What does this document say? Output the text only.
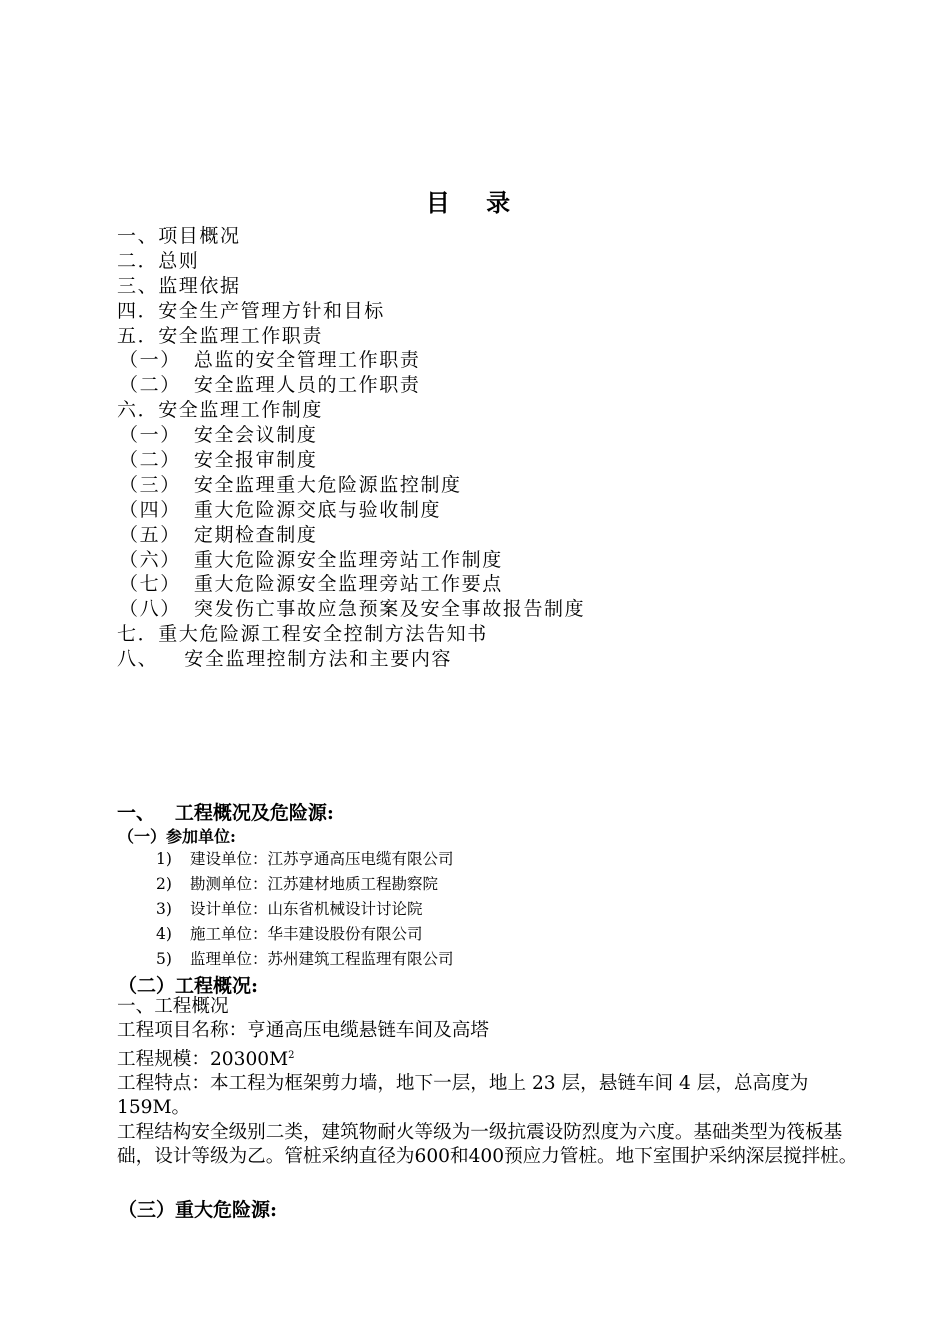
目 录
一、项目概况
二．总则
三、监理依据
四．安全生产管理方针和目标
五．安全监理工作职责
（一） 总监的安全管理工作职责
（二） 安全监理人员的工作职责
六．安全监理工作制度
（一） 安全会议制度
（二） 安全报审制度
（三） 安全监理重大危险源监控制度
（四） 重大危险源交底与验收制度
（五） 定期检查制度
（六） 重大危险源安全监理旁站工作制度
（七） 重大危险源安全监理旁站工作要点
（八） 突发伤亡事故应急预案及安全事故报告制度
七．重大危险源工程安全控制方法告知书
八、  安全监理控制方法和主要内容
一、   工程概况及危险源:
（一）参加单位:
1) 建设单位：江苏亨通高压电缆有限公司
2) 勘测单位：江苏建材地质工程勘察院
3) 设计单位：山东省机械设计讨论院
4) 施工单位：华丰建设股份有限公司
5) 监理单位：苏州建筑工程监理有限公司
（二）工程概况:

一、工程概况

工程项目名称：亨通高压电缆悬链车间及高塔

工程规模：$20300M^2$

工程特点：本工程为框架剪力墙，地下一层，地上 23 层，悬链车间 4 层，总高度为 159M。

工程结构安全级别二类，建筑物耐火等级为一级抗震设防烈度为六度。基础类型为筏板基础，设计等级为乙。管桩采纳直径为600和400预应力管桩。地下室围护采纳深层搅拌桩。

（三）重大危险源:
